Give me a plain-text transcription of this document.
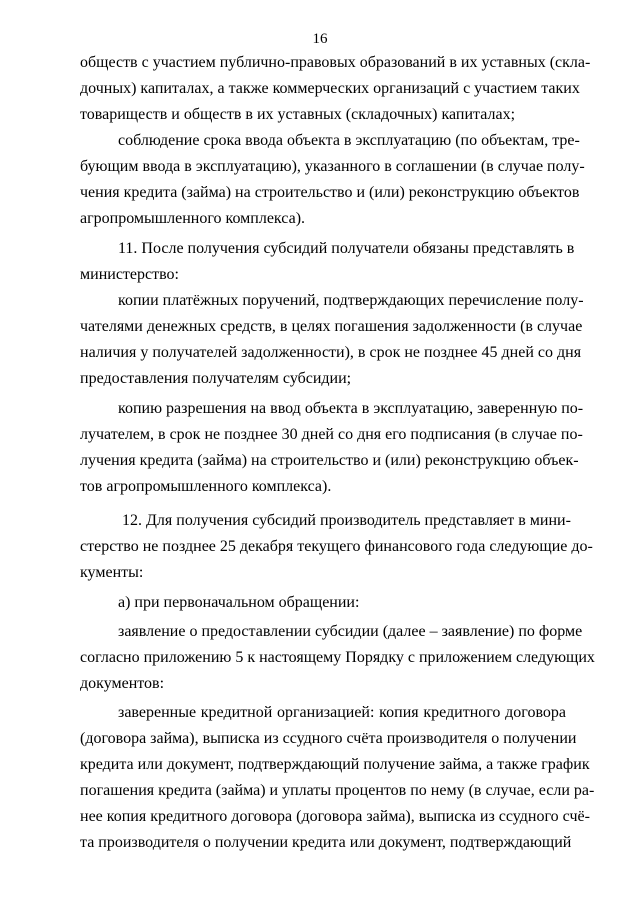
16
обществ с участием публично-правовых образований в их уставных (скла-
дочных) капиталах, а также коммерческих организаций с участием таких
товариществ и обществ в их уставных (складочных) капиталах;
соблюдение срока ввода объекта в эксплуатацию (по объектам, тре-
бующим ввода в эксплуатацию), указанного в соглашении (в случае полу-
чения кредита (займа) на строительство и (или) реконструкцию объектов
агропромышленного комплекса).
11. После получения субсидий получатели обязаны представлять в
министерство:
копии платёжных поручений, подтверждающих перечисление полу-
чателями денежных средств, в целях погашения задолженности (в случае
наличия у получателей задолженности), в срок не позднее 45 дней со дня
предоставления получателям субсидии;
копию разрешения на ввод объекта в эксплуатацию, заверенную по-
лучателем, в срок не позднее 30 дней со дня его подписания (в случае по-
лучения кредита (займа) на строительство и (или) реконструкцию объек-
тов агропромышленного комплекса).
12. Для получения субсидий производитель представляет в мини-
стерство не позднее 25 декабря текущего финансового года следующие до-
кументы:
а) при первоначальном обращении:
заявление о предоставлении субсидии (далее – заявление) по форме
согласно приложению 5 к настоящему Порядку с приложением следующих
документов:
заверенные кредитной организацией: копия кредитного договора
(договора займа), выписка из ссудного счёта производителя о получении
кредита или документ, подтверждающий получение займа, а также график
погашения кредита (займа) и уплаты процентов по нему (в случае, если ра-
нее копия кредитного договора (договора займа), выписка из ссудного счё-
та производителя о получении кредита или документ, подтверждающий
